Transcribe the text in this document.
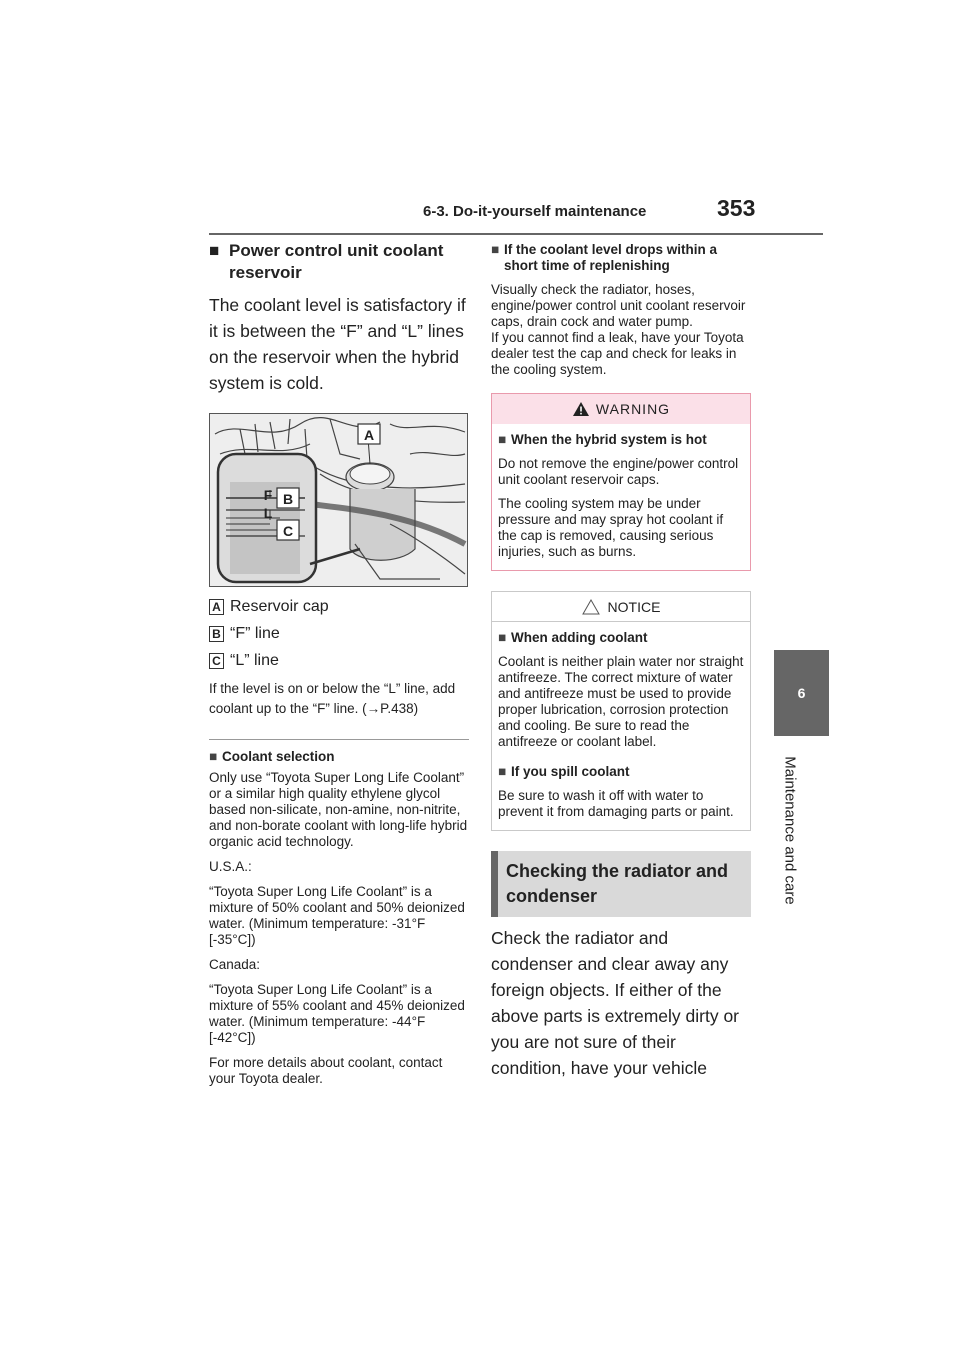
6-3. Do-it-yourself maintenance	353
6
Maintenance and care
■ Power control unit coolant reservoir

The coolant level is satisfactory if it is between the “F” and “L” lines on the reservoir when the hybrid system is cold.

A
B
C
F
L
A Reservoir cap
B “F” line
C “L” line

If the level is on or below the “L” line, add coolant up to the “F” line. (→P.438)

■ Coolant selection

Only use “Toyota Super Long Life Coolant” or a similar high quality ethylene glycol based non-silicate, non-amine, non-nitrite, and non-borate coolant with long-life hybrid organic acid technology.

U.S.A.:

“Toyota Super Long Life Coolant” is a mixture of 50% coolant and 50% deionized water. (Minimum temperature: -31°F [-35°C])

Canada:

“Toyota Super Long Life Coolant” is a mixture of 55% coolant and 45% deionized water. (Minimum temperature: -44°F [-42°C])

For more details about coolant, contact your Toyota dealer.

■ If the coolant level drops within a short time of replenishing

Visually check the radiator, hoses, engine/power control unit coolant reservoir caps, drain cock and water pump.

If you cannot find a leak, have your Toyota dealer test the cap and check for leaks in the cooling system.

WARNING
■ When the hybrid system is hot

Do not remove the engine/power control unit coolant reservoir caps.

The cooling system may be under pressure and may spray hot coolant if the cap is removed, causing serious injuries, such as burns.

NOTICE
■ When adding coolant

Coolant is neither plain water nor straight antifreeze. The correct mixture of water and antifreeze must be used to provide proper lubrication, corrosion protection and cooling. Be sure to read the antifreeze or coolant label.

■ If you spill coolant

Be sure to wash it off with water to prevent it from damaging parts or paint.

Checking the radiator and condenser

Check the radiator and condenser and clear away any foreign objects. If either of the above parts is extremely dirty or you are not sure of their condition, have your vehicle
